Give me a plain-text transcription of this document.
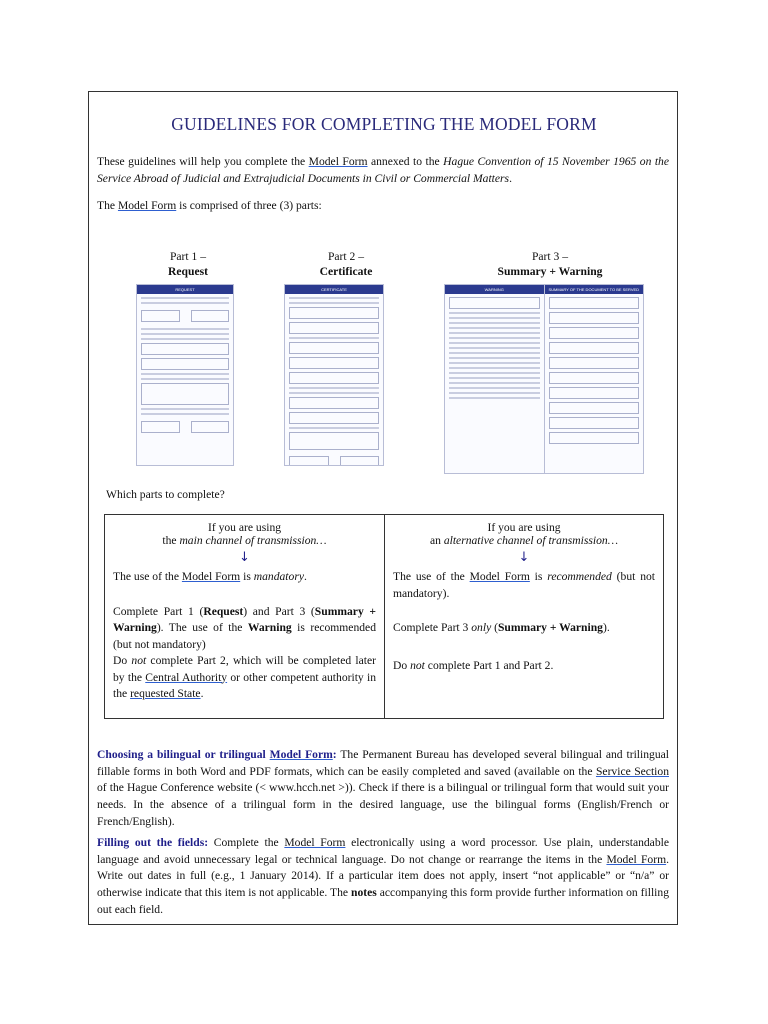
GUIDELINES FOR COMPLETING THE MODEL FORM

These guidelines will help you complete the Model Form annexed to the Hague Convention of 15 November 1965 on the Service Abroad of Judicial and Extrajudicial Documents in Civil or Commercial Matters.

The Model Form is comprised of three (3) parts:

Part 1 –
Request
Part 2 –
Certificate
Part 3 –
Summary + Warning
REQUEST	CERTIFICATE	WARNING	SUMMARY OF THE DOCUMENT TO BE SERVED

Which parts to complete?

If you are using
the main channel of transmission…
↓

The use of the Model Form is mandatory.

Complete Part 1 (Request) and Part 3 (Summary + Warning). The use of the Warning is recommended (but not mandatory)

Do not complete Part 2, which will be completed later by the Central Authority or other competent authority in the requested State.

If you are using
an alternative channel of transmission…
↓

The use of the Model Form is recommended (but not mandatory).

Complete Part 3 only (Summary + Warning).

Do not complete Part 1 and Part 2.

Choosing a bilingual or trilingual Model Form: The Permanent Bureau has developed several bilingual and trilingual fillable forms in both Word and PDF formats, which can be easily completed and saved (available on the Service Section of the Hague Conference website (< www.hcch.net >)). Check if there is a bilingual or trilingual form that would suit your needs. In the absence of a trilingual form in the desired language, use the bilingual forms (English/French or French/English).

Filling out the fields: Complete the Model Form electronically using a word processor. Use plain, understandable language and avoid unnecessary legal or technical language. Do not change or rearrange the items in the Model Form. Write out dates in full (e.g., 1 January 2014). If a particular item does not apply, insert “not applicable” or “n/a” or otherwise indicate that this item is not applicable. The notes accompanying this form provide further information on filling out each field.
